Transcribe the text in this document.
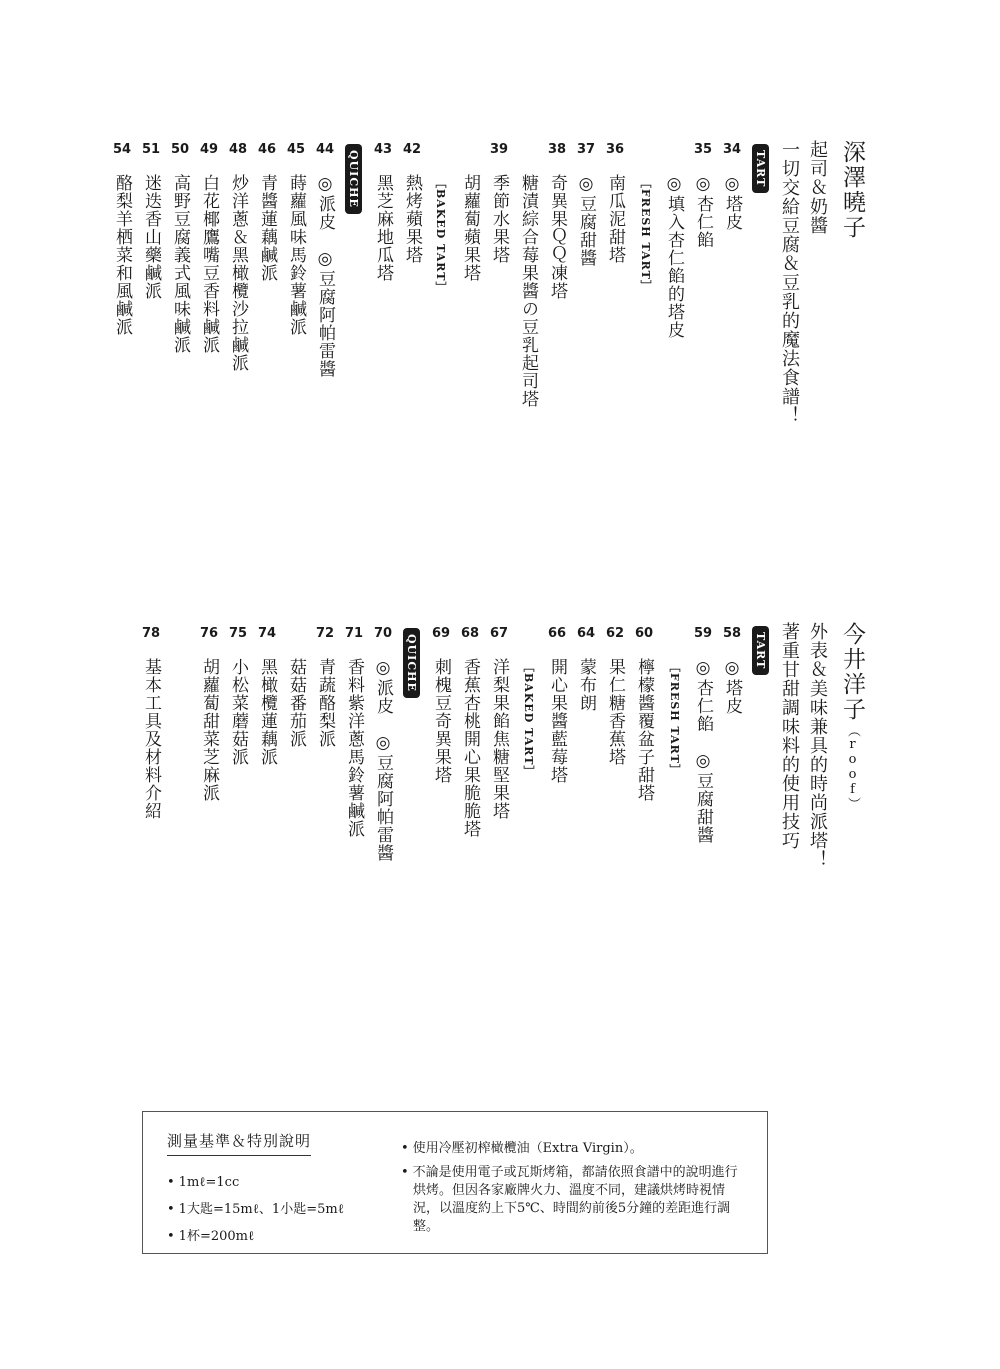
深澤曉子
起司＆奶醬
一切交給豆腐＆豆乳的魔法食譜！
TART
34
◎塔皮
35
◎杏仁餡
◎填入杏仁餡的塔皮
［FRESH TART］
36
南瓜泥甜塔
37
◎豆腐甜醬
38
奇異果ＱＱ凍塔
糖漬綜合莓果醬の豆乳起司塔
39
季節水果塔
胡蘿蔔蘋果塔
［BAKED TART］
42
熱烤蘋果塔
43
黑芝麻地瓜塔
QUICHE
44
◎派皮　◎豆腐阿帕雷醬
45
蒔蘿風味馬鈴薯鹹派
46
青醬蓮藕鹹派
48
炒洋蔥＆黑橄欖沙拉鹹派
49
白花椰鷹嘴豆香料鹹派
50
高野豆腐義式風味鹹派
51
迷迭香山藥鹹派
54
酪梨羊栖菜和風鹹派
今井洋子
（roof）
外表＆美味兼具的時尚派塔！
著重甘甜調味料的使用技巧
TART
58
◎塔皮
59
◎杏仁餡　◎豆腐甜醬
［FRESH TART］
60
檸檬醬覆盆子甜塔
62
果仁糖香蕉塔
64
蒙布朗
66
開心果醬藍莓塔
［BAKED TART］
67
洋梨果餡焦糖堅果塔
68
香蕉杏桃開心果脆脆塔
69
刺槐豆奇異果塔
QUICHE
70
◎派皮　◎豆腐阿帕雷醬
71
香料紫洋蔥馬鈴薯鹹派
72
青蔬酪梨派
菇菇番茄派
74
黑橄欖蓮藕派
75
小松菜蘑菇派
76
胡蘿蔔甜菜芝麻派
78
基本工具及材料介紹
測量基準＆特別說明
• 1mℓ=1cc
• 1大匙=15mℓ、1小匙=5mℓ
• 1杯=200mℓ
• 使用冷壓初榨橄欖油（Extra Virgin）。
• 不論是使用電子或瓦斯烤箱，都請依照食譜中的說明進行烘烤。但因各家廠牌火力、溫度不同，建議烘烤時視情況，以溫度約上下5℃、時間約前後5分鐘的差距進行調整。
